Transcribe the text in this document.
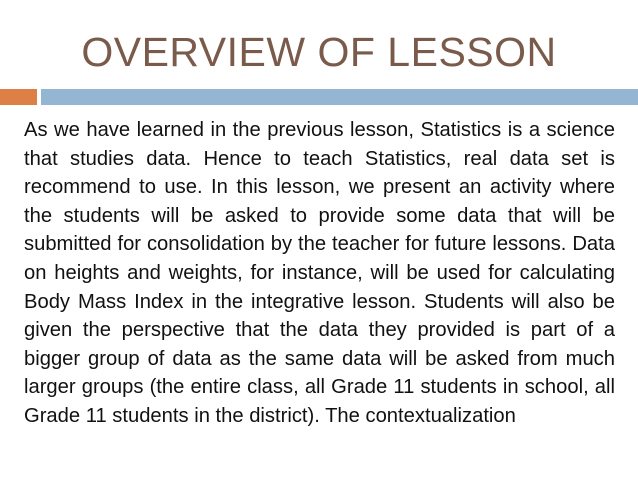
OVERVIEW OF LESSON

As we have learned in the previous lesson, Statistics is a science that studies data. Hence to teach Statistics, real data set is recommend to use. In this lesson, we present an activity where the students will be asked to provide some data that will be submitted for consolidation by the teacher for future lessons. Data on heights and weights, for instance, will be used for calculating Body Mass Index in the integrative lesson. Students will also be given the perspective that the data they provided is part of a bigger group of data as the same data will be asked from much larger groups (the entire class, all Grade 11 students in school, all Grade 11 students in the district). The contextualization
